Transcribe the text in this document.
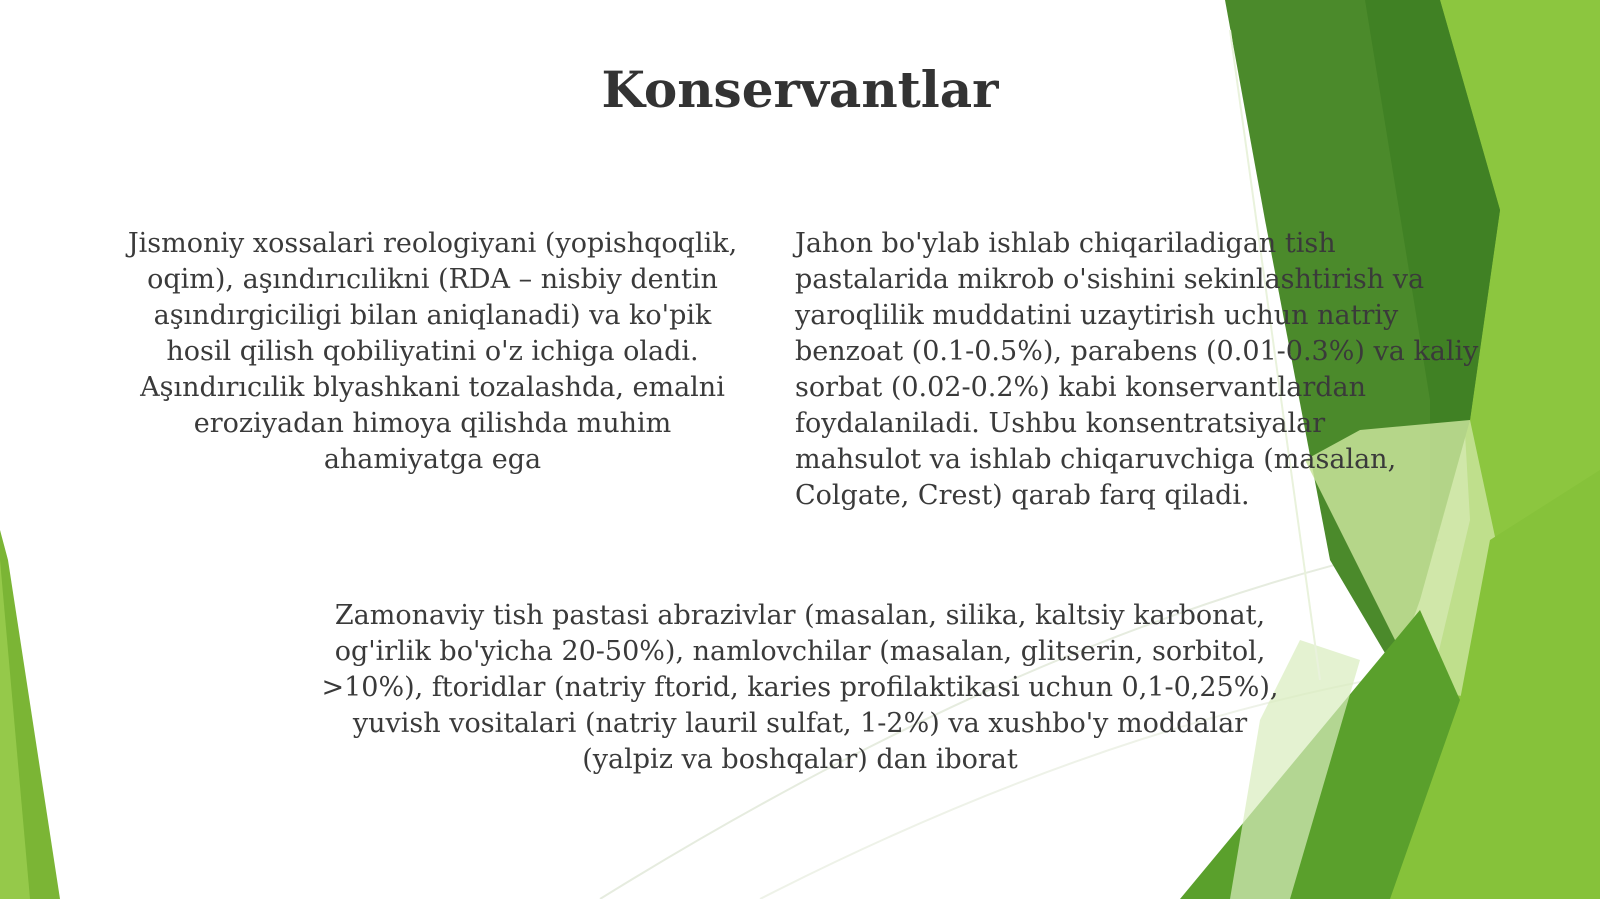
Konservantlar

Jismoniy xossalari reologiyani (yopishqoqlik,
oqim), aşındırıcılikni (RDA – nisbiy dentin
aşındırgiciligi bilan aniqlanadi) va ko'pik
hosil qilish qobiliyatini o'z ichiga oladi.
Aşındırıcılik blyashkani tozalashda, emalni
eroziyadan himoya qilishda muhim
ahamiyatga ega

Jahon bo'ylab ishlab chiqariladigan tish
pastalarida mikrob o'sishini sekinlashtirish va
yaroqlilik muddatini uzaytirish uchun natriy
benzoat (0.1-0.5%), parabens (0.01-0.3%) va kaliy
sorbat (0.02-0.2%) kabi konservantlardan
foydalaniladi. Ushbu konsentratsiyalar
mahsulot va ishlab chiqaruvchiga (masalan,
Colgate, Crest) qarab farq qiladi.

Zamonaviy tish pastasi abrazivlar (masalan, silika, kaltsiy karbonat,
og'irlik bo'yicha 20-50%), namlovchilar (masalan, glitserin, sorbitol,
>10%), ftoridlar (natriy ftorid, karies profilaktikasi uchun 0,1-0,25%),
yuvish vositalari (natriy lauril sulfat, 1-2%) va xushbo'y moddalar
(yalpiz va boshqalar) dan iborat
